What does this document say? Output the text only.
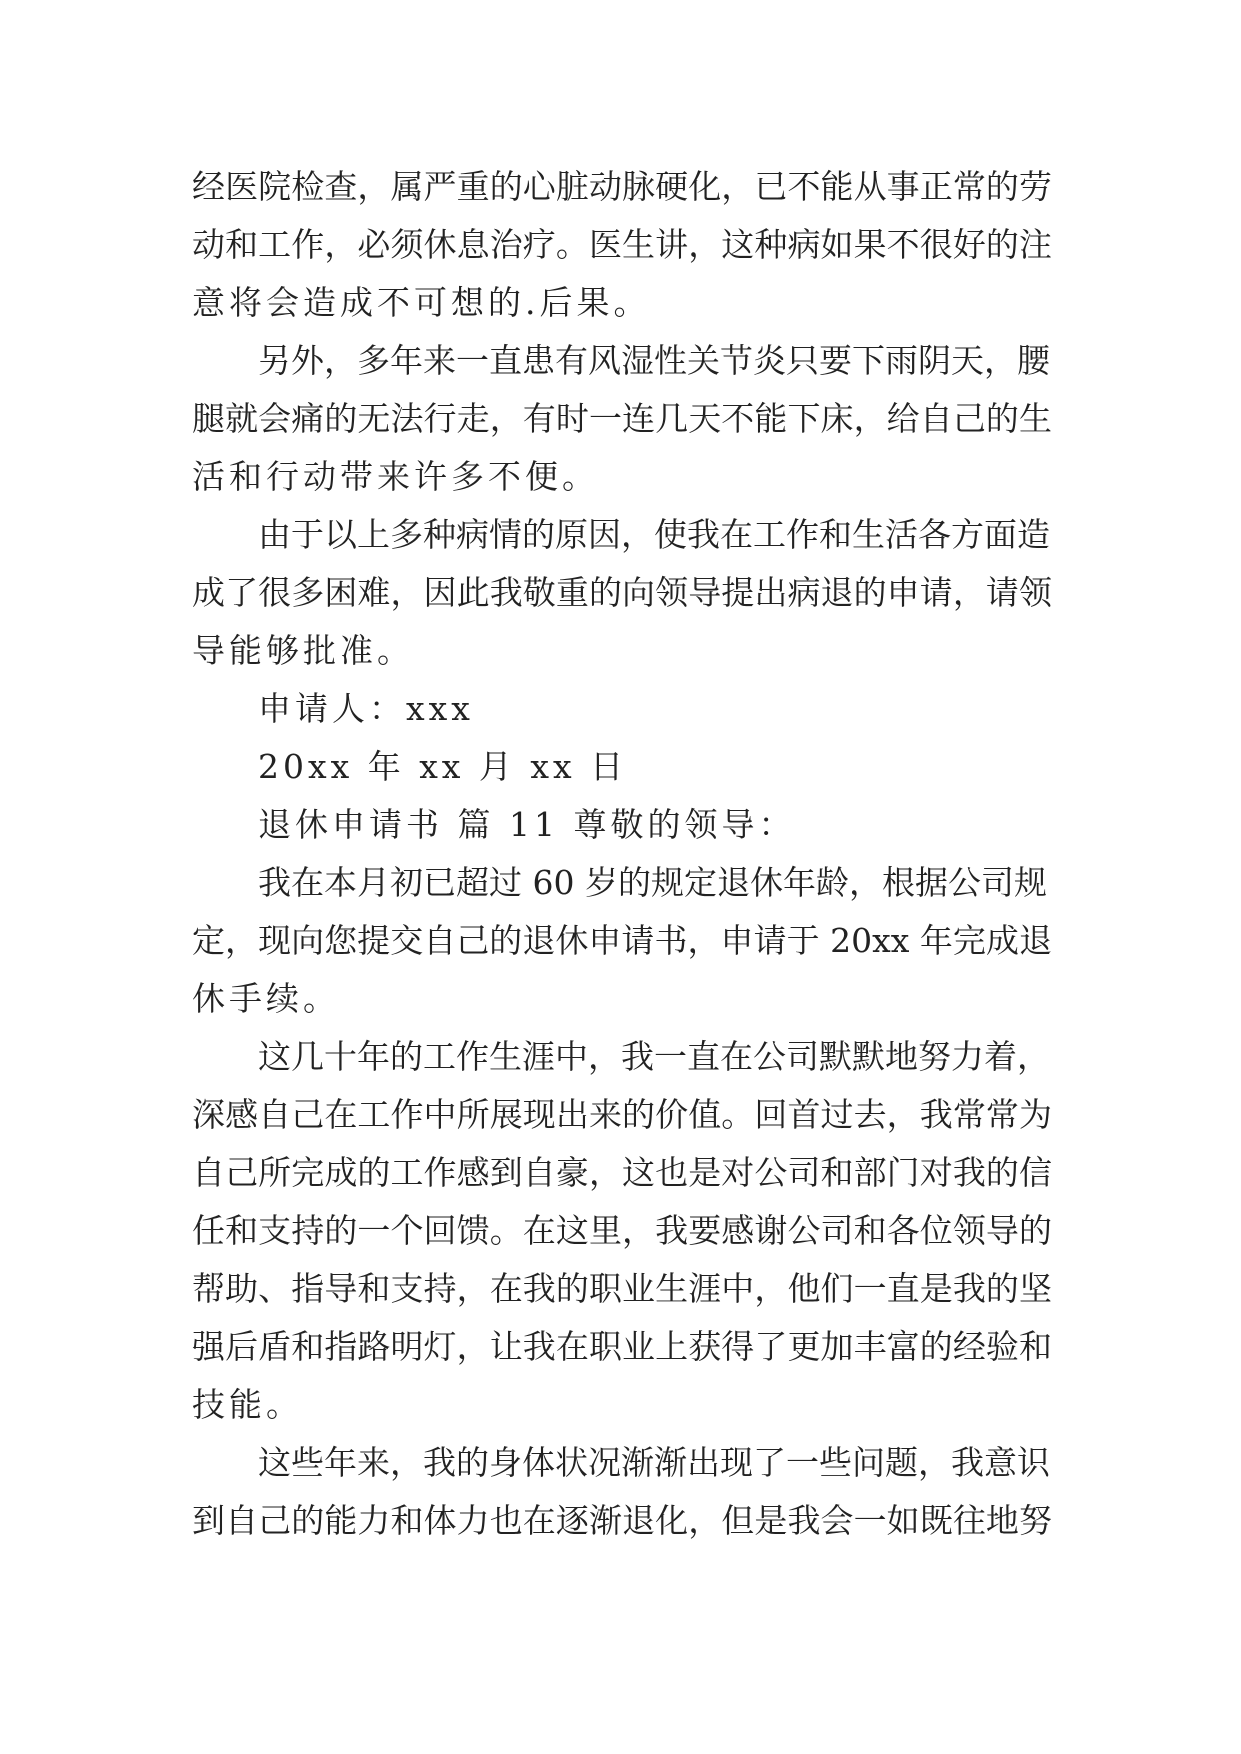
经医院检查，属严重的心脏动脉硬化，已不能从事正常的劳
动和工作，必须休息治疗。医生讲，这种病如果不很好的注
意将会造成不可想的.后果。
另外，多年来一直患有风湿性关节炎只要下雨阴天，腰
腿就会痛的无法行走，有时一连几天不能下床，给自己的生
活和行动带来许多不便。
由于以上多种病情的原因，使我在工作和生活各方面造
成了很多困难，因此我敬重的向领导提出病退的申请，请领
导能够批准。
申请人：xxx
20xx 年 xx 月 xx 日
退休申请书 篇 11 尊敬的领导：
我在本月初已超过 60 岁的规定退休年龄，根据公司规
定，现向您提交自己的退休申请书，申请于 20xx 年完成退
休手续。
这几十年的工作生涯中，我一直在公司默默地努力着，
深感自己在工作中所展现出来的价值。回首过去，我常常为
自己所完成的工作感到自豪，这也是对公司和部门对我的信
任和支持的一个回馈。在这里，我要感谢公司和各位领导的
帮助、指导和支持，在我的职业生涯中，他们一直是我的坚
强后盾和指路明灯，让我在职业上获得了更加丰富的经验和
技能。
这些年来，我的身体状况渐渐出现了一些问题，我意识
到自己的能力和体力也在逐渐退化，但是我会一如既往地努
